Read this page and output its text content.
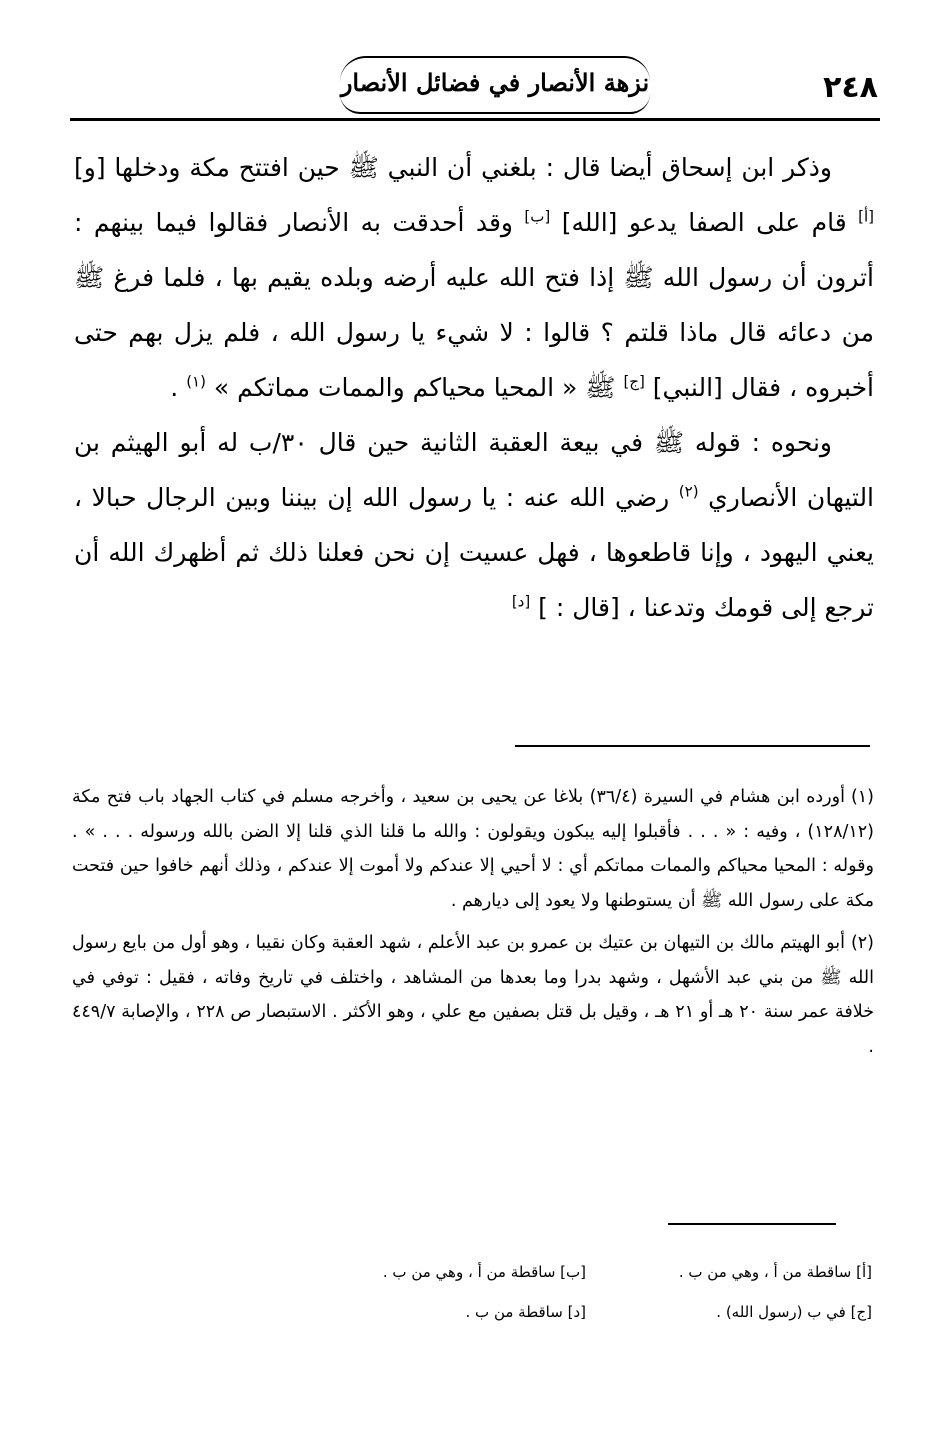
٢٤٨
نزهة الأنصار في فضائل الأنصار

وذكر ابن إسحاق أيضا قال : بلغني أن النبي ﷺ حين افتتح مكة ودخلها [و] [أ] قام على الصفا يدعو [الله] [ب] وقد أحدقت به الأنصار فقالوا فيما بينهم : أترون أن رسول الله ﷺ إذا فتح الله عليه أرضه وبلده يقيم بها ، فلما فرغ ﷺ من دعائه قال ماذا قلتم ؟ قالوا : لا شيء يا رسول الله ، فلم يزل بهم حتى أخبروه ، فقال [النبي] [ج] ﷺ « المحيا محياكم والممات مماتكم » $^{(١)}$ .

ونحوه : قوله ﷺ في بيعة العقبة الثانية حين قال ٣٠/ب له أبو الهيثم بن التيهان الأنصاري $^{(٢)}$ رضي الله عنه : يا رسول الله إن بيننا وبين الرجال حبالا ، يعني اليهود ، وإنا قاطعوها ، فهل عسيت إن نحن فعلنا ذلك ثم أظهرك الله أن ترجع إلى قومك وتدعنا ، [قال : ] [د]

(١)أورده ابن هشام في السيرة (٣٦/٤) بلاغا عن يحيى بن سعيد ، وأخرجه مسلم في كتاب الجهاد باب فتح مكة (١٢٨/١٢) ، وفيه : « . . . فأقبلوا إليه يبكون ويقولون : والله ما قلنا الذي قلنا إلا الضن بالله ورسوله . . . » . وقوله : المحيا محياكم والممات مماتكم أي : لا أحيي إلا عندكم ولا أموت إلا عندكم ، وذلك أنهم خافوا حين فتحت مكة على رسول الله ﷺ أن يستوطنها ولا يعود إلى ديارهم .

(٢)أبو الهيتم مالك بن التيهان بن عتيك بن عمرو بن عبد الأعلم ، شهد العقبة وكان نقيبا ، وهو أول من بايع رسول الله ﷺ من بني عبد الأشهل ، وشهد بدرا وما بعدها من المشاهد ، واختلف في تاريخ وفاته ، فقيل : توفي في خلافة عمر سنة ٢٠ هـ أو ٢١ هـ ، وقيل بل قتل بصفين مع علي ، وهو الأكثر . الاستبصار ص ٢٢٨ ، والإصابة ٤٤٩/٧ .

[أ] ساقطة من أ ، وهي من ب .
[ب] ساقطة من أ ، وهي من ب .
[ج] في ب (رسول الله) .
[د] ساقطة من ب .
